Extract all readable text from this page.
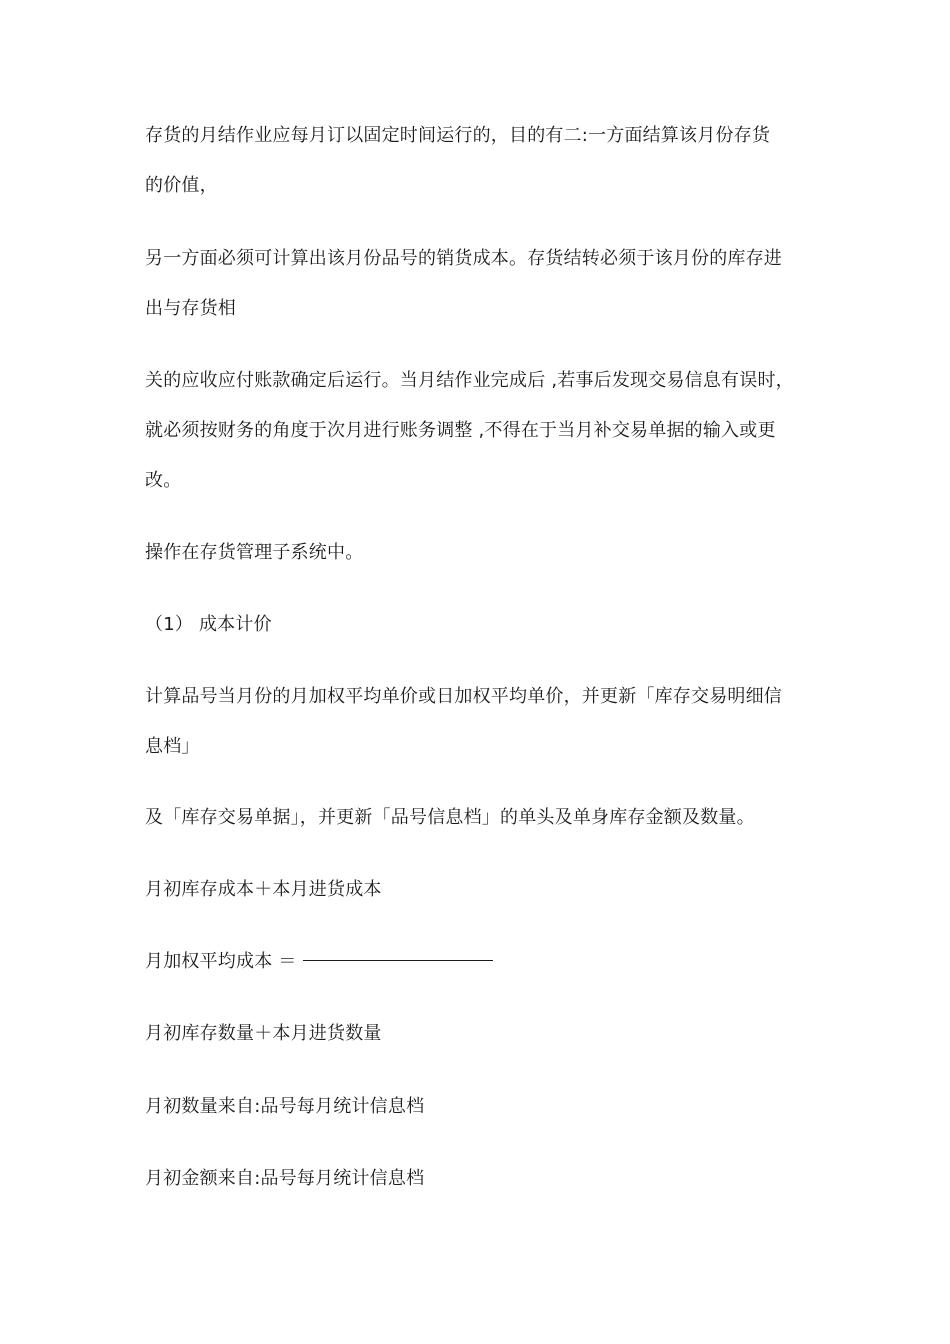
存货的月结作业应每月订以固定时间运行的，目的有二:一方面结算该月份存货
的价值，
另一方面必须可计算出该月份品号的销货成本。存货结转必须于该月份的库存进
出与存货相
关的应收应付账款确定后运行。当月结作业完成后 ,若事后发现交易信息有误时，
就必须按财务的角度于次月进行账务调整 ,不得在于当月补交易单据的输入或更
改。
操作在存货管理子系统中。
（1） 成本计价
计算品号当月份的月加权平均单价或日加权平均单价，并更新「库存交易明细信
息档」
及「库存交易单据」，并更新「品号信息档」的单头及单身库存金额及数量。
月初库存成本＋本月进货成本
月加权平均成本 ＝
月初库存数量＋本月进货数量
月初数量来自:品号每月统计信息档
月初金额来自:品号每月统计信息档
